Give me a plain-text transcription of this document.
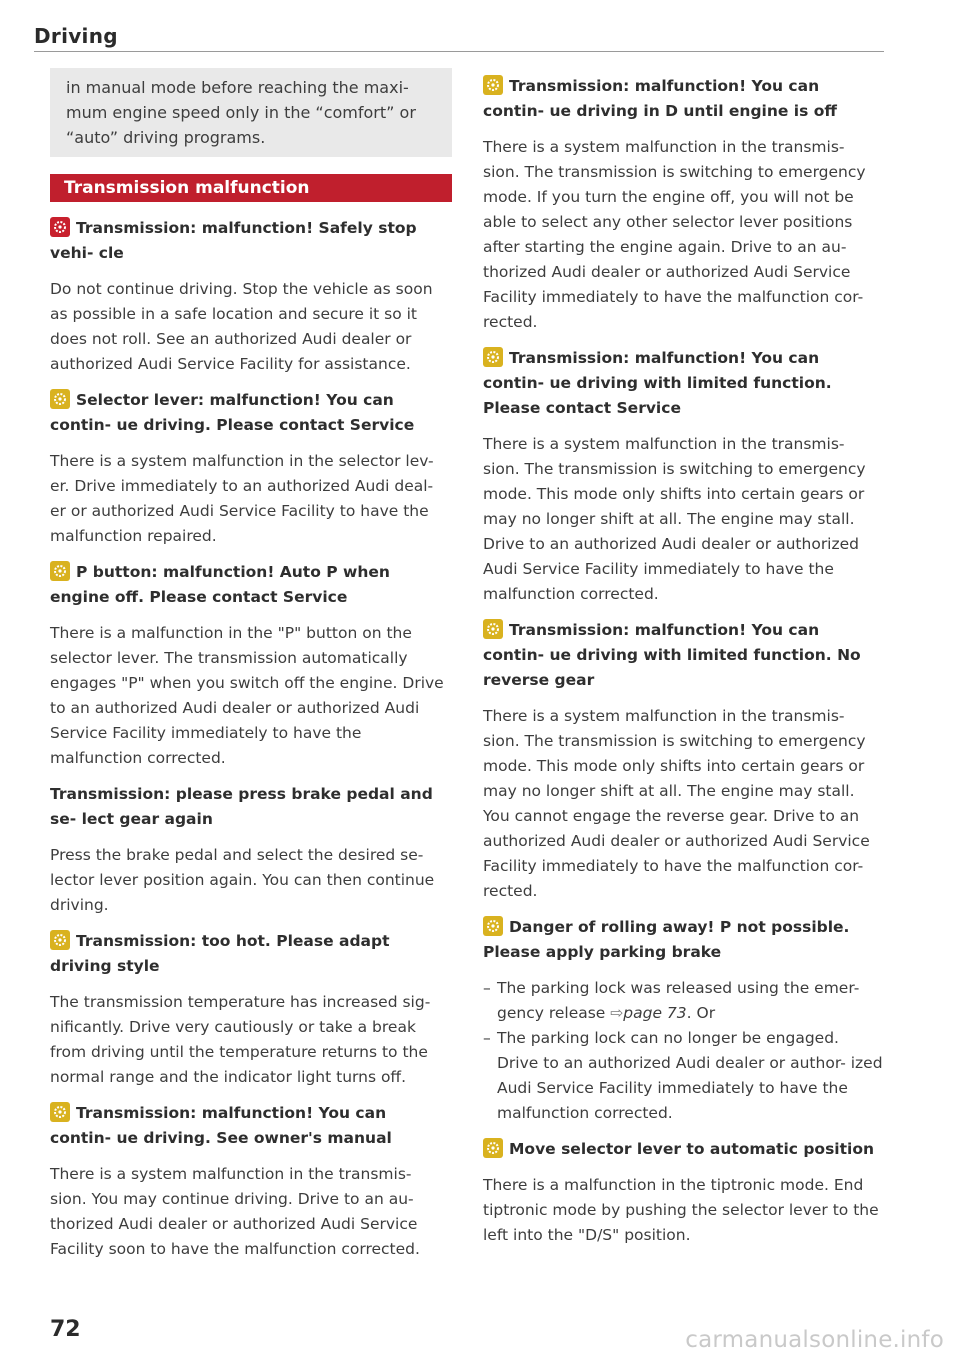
Driving
in manual mode before reaching the maxi- mum engine speed only in the “comfort” or “auto” driving programs.
Transmission malfunction
Transmission: malfunction! Safely stop vehi- cle
Do not continue driving. Stop the vehicle as soon as possible in a safe location and secure it so it does not roll. See an authorized Audi dealer or authorized Audi Service Facility for assistance.
Selector lever: malfunction! You can contin- ue driving. Please contact Service
There is a system malfunction in the selector lev- er. Drive immediately to an authorized Audi deal- er or authorized Audi Service Facility to have the malfunction repaired.
P button: malfunction! Auto P when engine off. Please contact Service
There is a malfunction in the "P" button on the selector lever. The transmission automatically engages "P" when you switch off the engine. Drive to an authorized Audi dealer or authorized Audi Service Facility immediately to have the malfunction corrected.
Transmission: please press brake pedal and se- lect gear again
Press the brake pedal and select the desired se- lector lever position again. You can then continue driving.
Transmission: too hot. Please adapt driving style
The transmission temperature has increased sig- nificantly. Drive very cautiously or take a break from driving until the temperature returns to the normal range and the indicator light turns off.
Transmission: malfunction! You can contin- ue driving. See owner's manual
There is a system malfunction in the transmis- sion. You may continue driving. Drive to an au- thorized Audi dealer or authorized Audi Service Facility soon to have the malfunction corrected.
Transmission: malfunction! You can contin- ue driving in D until engine is off
There is a system malfunction in the transmis- sion. The transmission is switching to emergency mode. If you turn the engine off, you will not be able to select any other selector lever positions after starting the engine again. Drive to an au- thorized Audi dealer or authorized Audi Service Facility immediately to have the malfunction cor- rected.
Transmission: malfunction! You can contin- ue driving with limited function. Please contact Service
There is a system malfunction in the transmis- sion. The transmission is switching to emergency mode. This mode only shifts into certain gears or may no longer shift at all. The engine may stall. Drive to an authorized Audi dealer or authorized Audi Service Facility immediately to have the malfunction corrected.
Transmission: malfunction! You can contin- ue driving with limited function. No reverse gear
There is a system malfunction in the transmis- sion. The transmission is switching to emergency mode. This mode only shifts into certain gears or may no longer shift at all. The engine may stall. You cannot engage the reverse gear. Drive to an authorized Audi dealer or authorized Audi Service Facility immediately to have the malfunction cor- rected.
Danger of rolling away! P not possible. Please apply parking brake
– The parking lock was released using the emer- gency release ⇨page 73. Or
– The parking lock can no longer be engaged. Drive to an authorized Audi dealer or author- ized Audi Service Facility immediately to have the malfunction corrected.
Move selector lever to automatic position
There is a malfunction in the tiptronic mode. End tiptronic mode by pushing the selector lever to the left into the "D/S" position.
72	carmanualsonline.info
